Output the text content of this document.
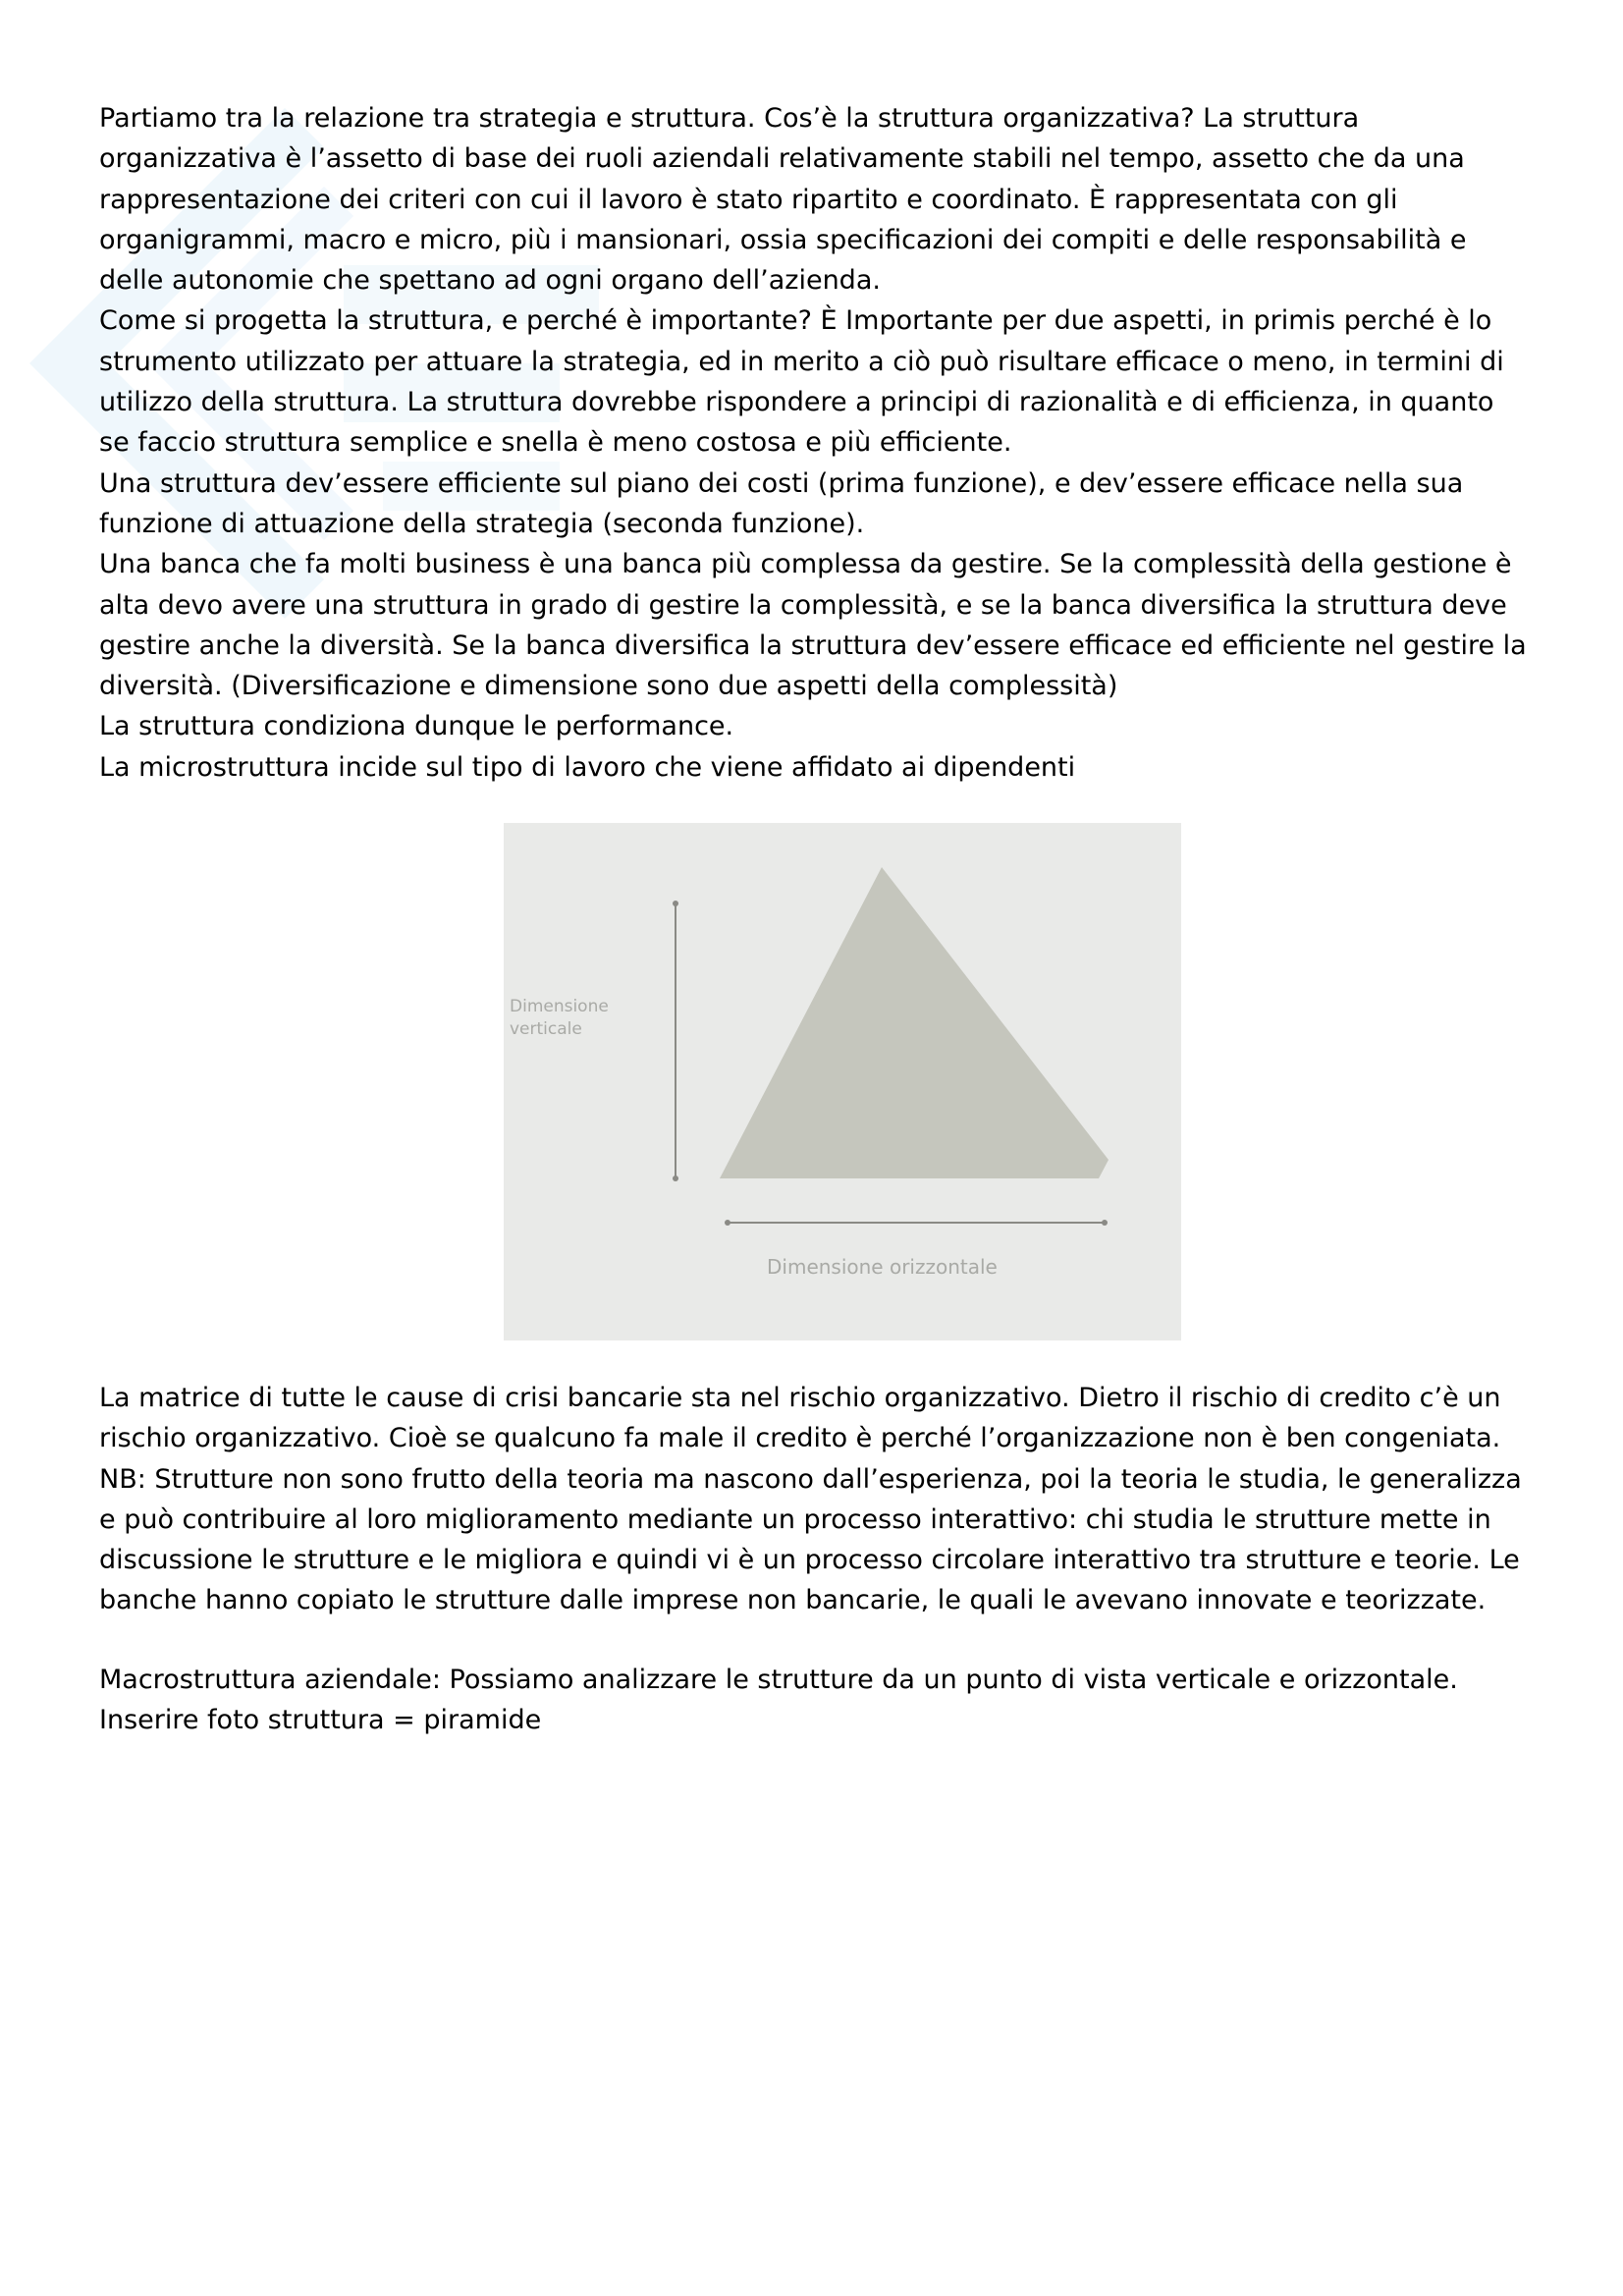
Partiamo tra la relazione tra strategia e struttura. Cos’è la struttura organizzativa? La struttura
organizzativa è l’assetto di base dei ruoli aziendali relativamente stabili nel tempo, assetto che da una
rappresentazione dei criteri con cui il lavoro è stato ripartito e coordinato. È rappresentata con gli
organigrammi, macro e micro, più i mansionari, ossia specificazioni dei compiti e delle responsabilità e
delle autonomie che spettano ad ogni organo dell’azienda.
Come si progetta la struttura, e perché è importante? È Importante per due aspetti, in primis perché è lo
strumento utilizzato per attuare la strategia, ed in merito a ciò può risultare efficace o meno, in termini di
utilizzo della struttura. La struttura dovrebbe rispondere a principi di razionalità e di efficienza, in quanto
se faccio struttura semplice e snella è meno costosa e più efficiente.
Una struttura dev’essere efficiente sul piano dei costi (prima funzione), e dev’essere efficace nella sua
funzione di attuazione della strategia (seconda funzione).
Una banca che fa molti business è una banca più complessa da gestire. Se la complessità della gestione è
alta devo avere una struttura in grado di gestire la complessità, e se la banca diversifica la struttura deve
gestire anche la diversità. Se la banca diversifica la struttura dev’essere efficace ed efficiente nel gestire la
diversità. (Diversificazione e dimensione sono due aspetti della complessità)
La struttura condiziona dunque le performance.
La microstruttura incide sul tipo di lavoro che viene affidato ai dipendenti

Dimensione
verticale
Dimensione orizzontale

La matrice di tutte le cause di crisi bancarie sta nel rischio organizzativo. Dietro il rischio di credito c’è un
rischio organizzativo. Cioè se qualcuno fa male il credito è perché l’organizzazione non è ben congeniata.
NB: Strutture non sono frutto della teoria ma nascono dall’esperienza, poi la teoria le studia, le generalizza
e può contribuire al loro miglioramento mediante un processo interattivo: chi studia le strutture mette in
discussione le strutture e le migliora e quindi vi è un processo circolare interattivo tra strutture e teorie. Le
banche hanno copiato le strutture dalle imprese non bancarie, le quali le avevano innovate e teorizzate.

Macrostruttura aziendale: Possiamo analizzare le strutture da un punto di vista verticale e orizzontale.
Inserire foto struttura = piramide
